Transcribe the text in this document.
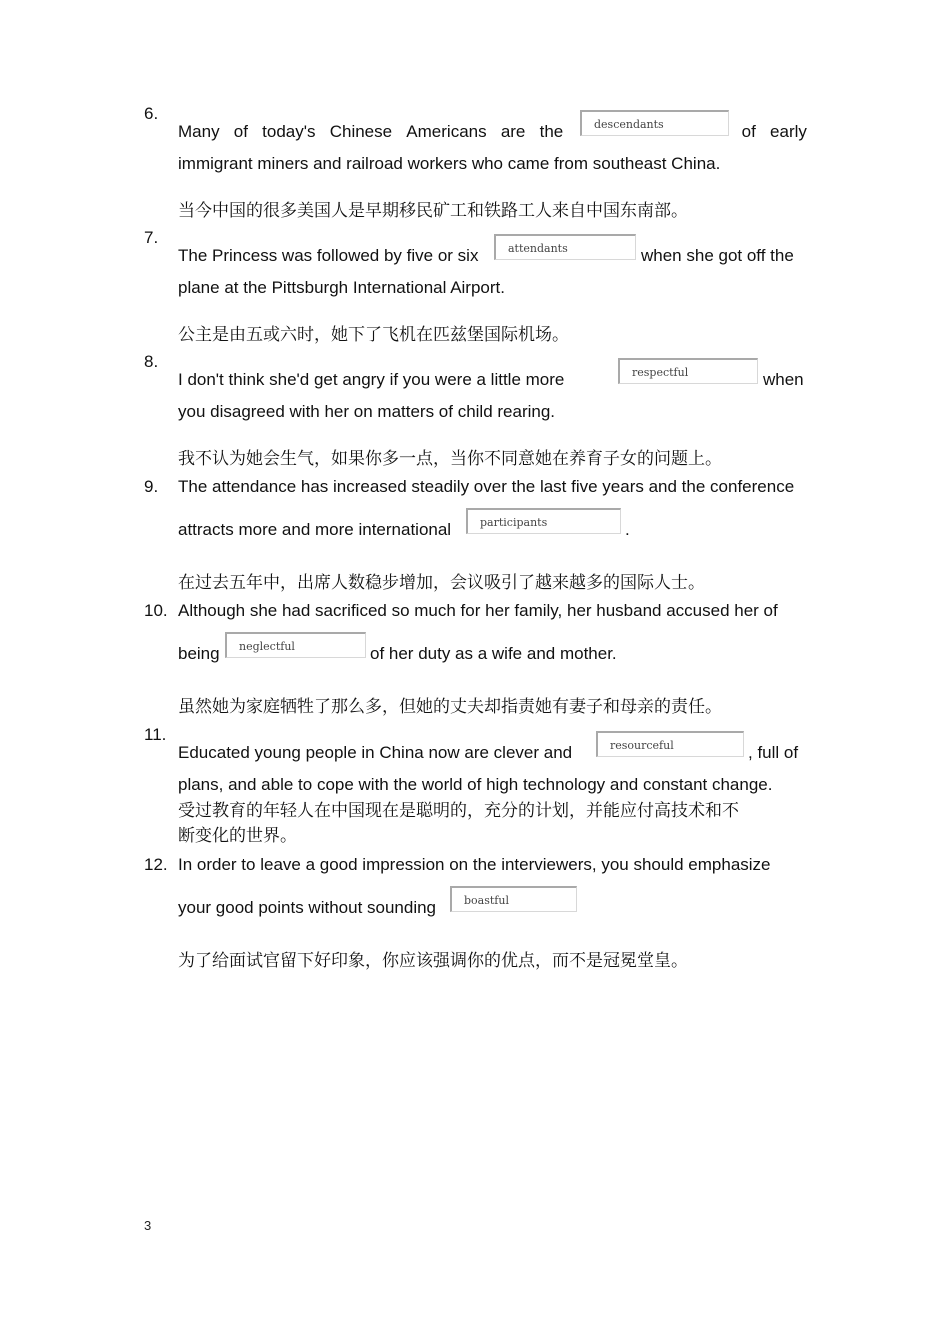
6.
Many of today's Chinese Americans are the	of early
descendants
immigrant miners and railroad workers who came from southeast China.
当今中国的很多美国人是早期移民矿工和铁路工人来自中国东南部。
7.
The Princess was followed by five or six	attendants	when she got off the
plane at the Pittsburgh International Airport.
公主是由五或六时，她下了飞机在匹兹堡国际机场。
8.
I don't think she'd get angry if you were a little more	respectful	when
you disagreed with her on matters of child rearing.
我不认为她会生气，如果你多一点，当你不同意她在养育子女的问题上。
9. The attendance has increased steadily over the last five years and the conference
attracts more and more international	participants	.
在过去五年中，出席人数稳步增加，会议吸引了越来越多的国际人士。
10. Although she had sacrificed so much for her family, her husband accused her of
being	neglectful	of her duty as a wife and mother.
虽然她为家庭牺牲了那么多，但她的丈夫却指责她有妻子和母亲的责任。
11.
Educated young people in China now are clever and	resourceful	, full of
plans, and able to cope with the world of high technology and constant change.
受过教育的年轻人在中国现在是聪明的，充分的计划，并能应付高技术和不
断变化的世界。
12. In order to leave a good impression on the interviewers, you should emphasize
your good points without sounding	boastful
为了给面试官留下好印象，你应该强调你的优点，而不是冠冕堂皇。
3
